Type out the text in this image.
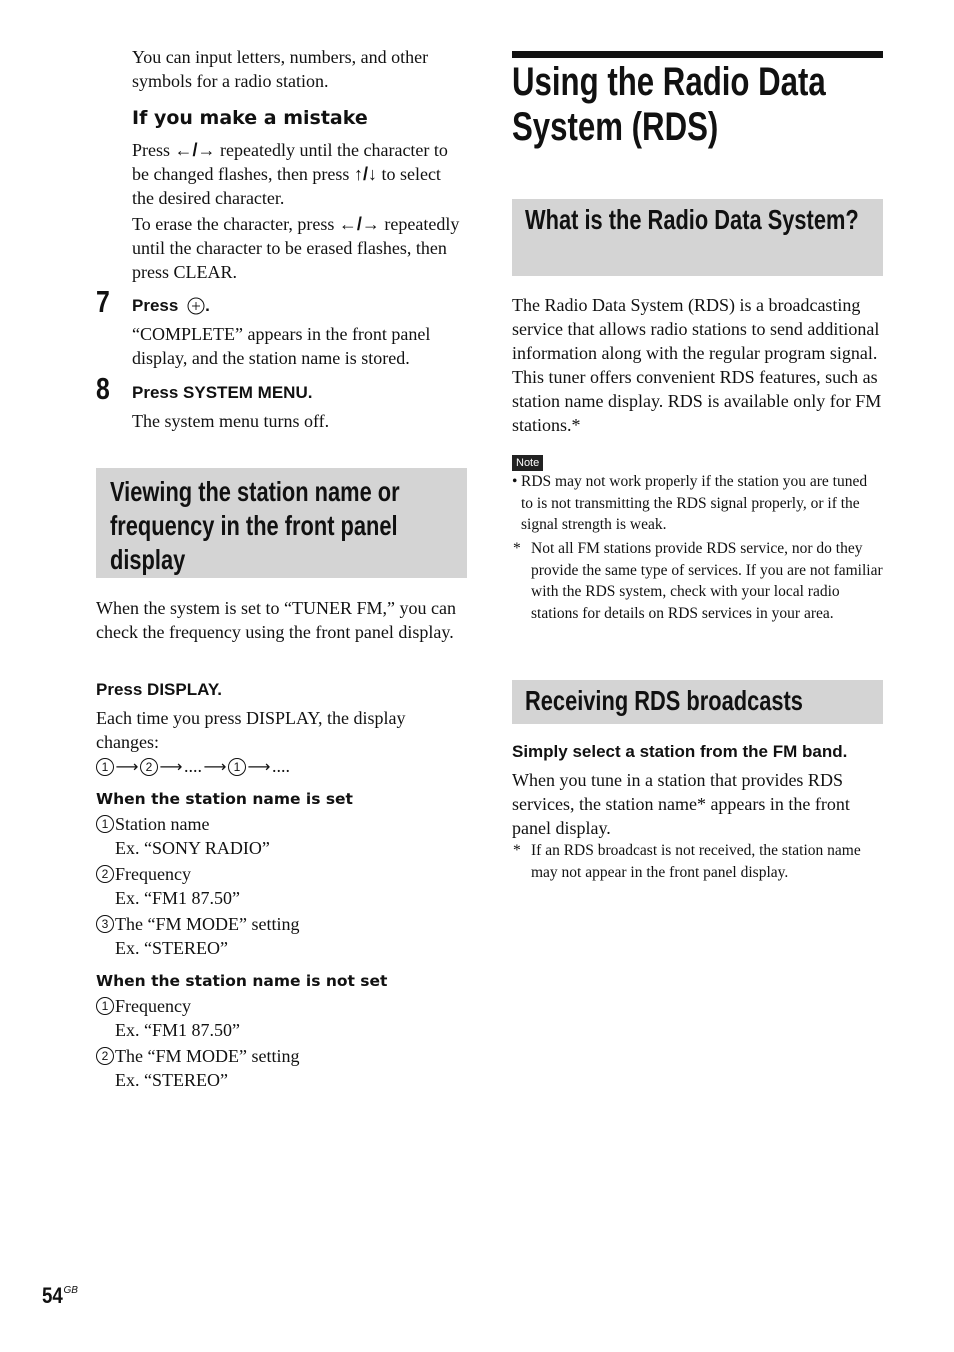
You can input letters, numbers, and other symbols for a radio station.
If you make a mistake
Press ←/→ repeatedly until the character to be changed flashes, then press ↑/↓ to select the desired character.
To erase the character, press ←/→ repeatedly until the character to be erased flashes, then press CLEAR.
7 Press .
“COMPLETE” appears in the front panel display, and the station name is stored.
8 Press SYSTEM MENU.
The system menu turns off.
Viewing the station name or frequency in the front panel display
When the system is set to “TUNER FM,” you can check the frequency using the front panel display.
Press DISPLAY.
Each time you press DISPLAY, the display changes:
1 ⟶ 2 ⟶....⟶ 1 ⟶....
When the station name is set
1 Station name
Ex. “SONY RADIO”
2 Frequency
Ex. “FM1 87.50”
3 The “FM MODE” setting
Ex. “STEREO”
When the station name is not set
1 Frequency
Ex. “FM1 87.50”
2 The “FM MODE” setting
Ex. “STEREO”
Using the Radio Data System (RDS)
What is the Radio Data System?
The Radio Data System (RDS) is a broadcasting service that allows radio stations to send additional information along with the regular program signal. This tuner offers convenient RDS features, such as station name display. RDS is available only for FM stations.*
Note
• RDS may not work properly if the station you are tuned to is not transmitting the RDS signal properly, or if the signal strength is weak.
* Not all FM stations provide RDS service, nor do they provide the same type of services. If you are not familiar with the RDS system, check with your local radio stations for details on RDS services in your area.
Receiving RDS broadcasts
Simply select a station from the FM band.
When you tune in a station that provides RDS services, the station name* appears in the front panel display.
* If an RDS broadcast is not received, the station name may not appear in the front panel display.
$54^{GB}$
